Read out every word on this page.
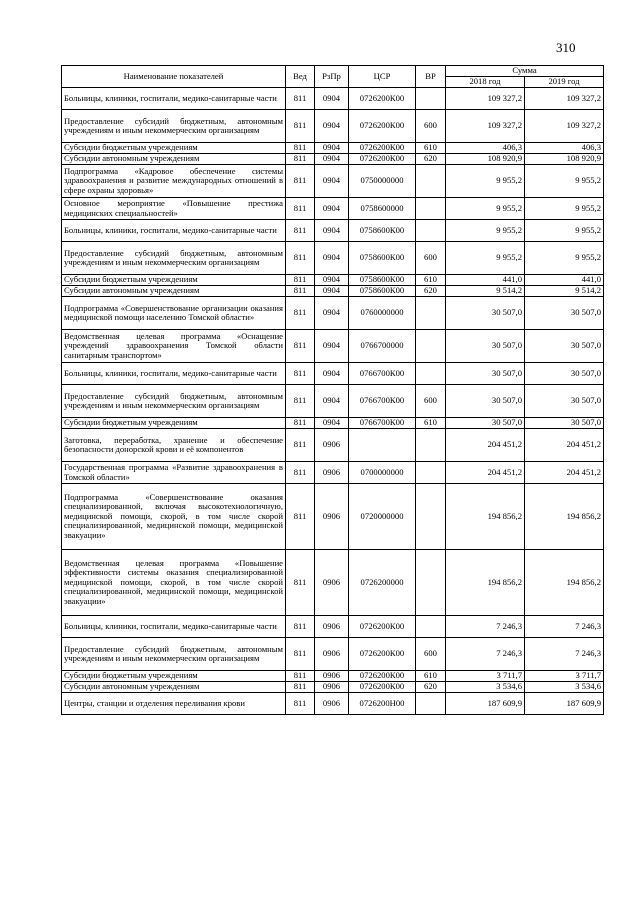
310
Наименование показателей	Вед	РзПр	ЦСР	ВР	Сумма	
					2018 год	2019 год
Больницы, клиники, госпитали, медико-санитарные части	811	0904	0726200К00		109 327,2	109 327,2
Предоставление субсидий бюджетным, автономным учреждениям и иным некоммерческим организациям	811	0904	0726200К00	600	109 327,2	109 327,2
Субсидии бюджетным учреждениям	811	0904	0726200К00	610	406,3	406,3
Субсидии автономным учреждениям	811	0904	0726200К00	620	108 920,9	108 920,9
Подпрограмма «Кадровое обеспечение системы здравоохранения и развитие международных отношений в сфере охраны здоровья»	811	0904	0750000000		9 955,2	9 955,2
Основное мероприятие «Повышение престижа медицинских специальностей»	811	0904	0758600000		9 955,2	9 955,2
Больницы, клиники, госпитали, медико-санитарные части	811	0904	0758600К00		9 955,2	9 955,2
Предоставление субсидий бюджетным, автономным учреждениям и иным некоммерческим организациям	811	0904	0758600К00	600	9 955,2	9 955,2
Субсидии бюджетным учреждениям	811	0904	0758600К00	610	441,0	441,0
Субсидии автономным учреждениям	811	0904	0758600К00	620	9 514,2	9 514,2
Подпрограмма «Совершенствование организации оказания медицинской помощи населению Томской области»	811	0904	0760000000		30 507,0	30 507,0
Ведомственная целевая программа «Оснащение учреждений здравоохранения Томской области санитарным транспортом»	811	0904	0766700000		30 507,0	30 507,0
Больницы, клиники, госпитали, медико-санитарные части	811	0904	0766700К00		30 507,0	30 507,0
Предоставление субсидий бюджетным, автономным учреждениям и иным некоммерческим организациям	811	0904	0766700К00	600	30 507,0	30 507,0
Субсидии бюджетным учреждениям	811	0904	0766700К00	610	30 507,0	30 507,0
Заготовка, переработка, хранение и обеспечение безопасности донорской крови и её компонентов	811	0906			204 451,2	204 451,2
Государственная программа «Развитие здравоохранения в Томской области»	811	0906	0700000000		204 451,2	204 451,2
Подпрограмма «Совершенствование оказания специализированной, включая высокотехнологичную, медицинской помощи, скорой, в том числе скорой специализированной, медицинской помощи, медицинской эвакуации»	811	0906	0720000000		194 856,2	194 856,2
Ведомственная целевая программа «Повышение эффективности системы оказания специализированной медицинской помощи, скорой, в том числе скорой специализированной, медицинской помощи, медицинской эвакуации»	811	0906	0726200000		194 856,2	194 856,2
Больницы, клиники, госпитали, медико-санитарные части	811	0906	0726200К00		7 246,3	7 246,3
Предоставление субсидий бюджетным, автономным учреждениям и иным некоммерческим организациям	811	0906	0726200К00	600	7 246,3	7 246,3
Субсидии бюджетным учреждениям	811	0906	0726200К00	610	3 711,7	3 711,7
Субсидии автономным учреждениям	811	0906	0726200К00	620	3 534,6	3 534,6
Центры, станции и отделения переливания крови	811	0906	0726200Н00		187 609,9	187 609,9
